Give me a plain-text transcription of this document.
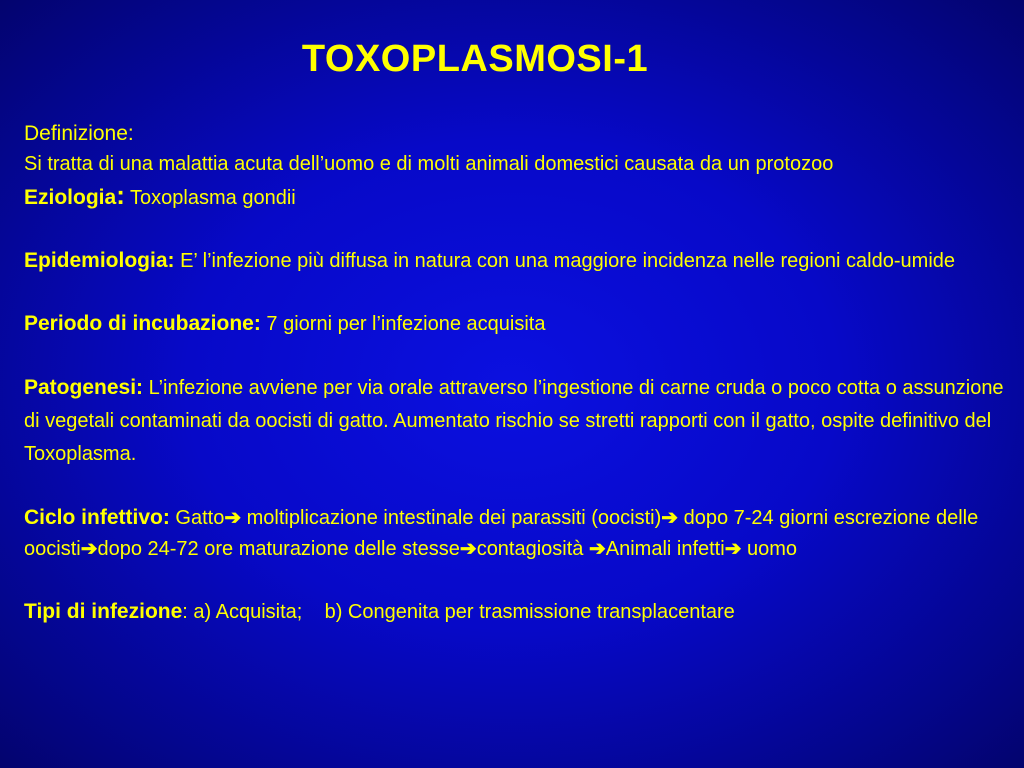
TOXOPLASMOSI-1
Definizione:
Si tratta di una malattia acuta dell’uomo e di molti animali domestici causata da un protozoo
Eziologia: Toxoplasma gondii
Epidemiologia: E’ l’infezione più diffusa in natura con una maggiore incidenza nelle regioni caldo-umide
Periodo di incubazione: 7 giorni per l’infezione acquisita
Patogenesi: L’infezione avviene per via orale attraverso l’ingestione di carne cruda o poco cotta o assunzione di vegetali contaminati da oocisti di gatto. Aumentato rischio se stretti rapporti con il gatto, ospite definitivo del Toxoplasma.
Ciclo infettivo: Gatto➔ moltiplicazione intestinale dei parassiti (oocisti)➔ dopo 7-24 giorni escrezione delle oocisti➔dopo 24-72 ore maturazione delle stesse➔contagiosità ➔Animali infetti➔ uomo
Tipi di infezione: a) Acquisita;    b) Congenita per trasmissione transplacentare
